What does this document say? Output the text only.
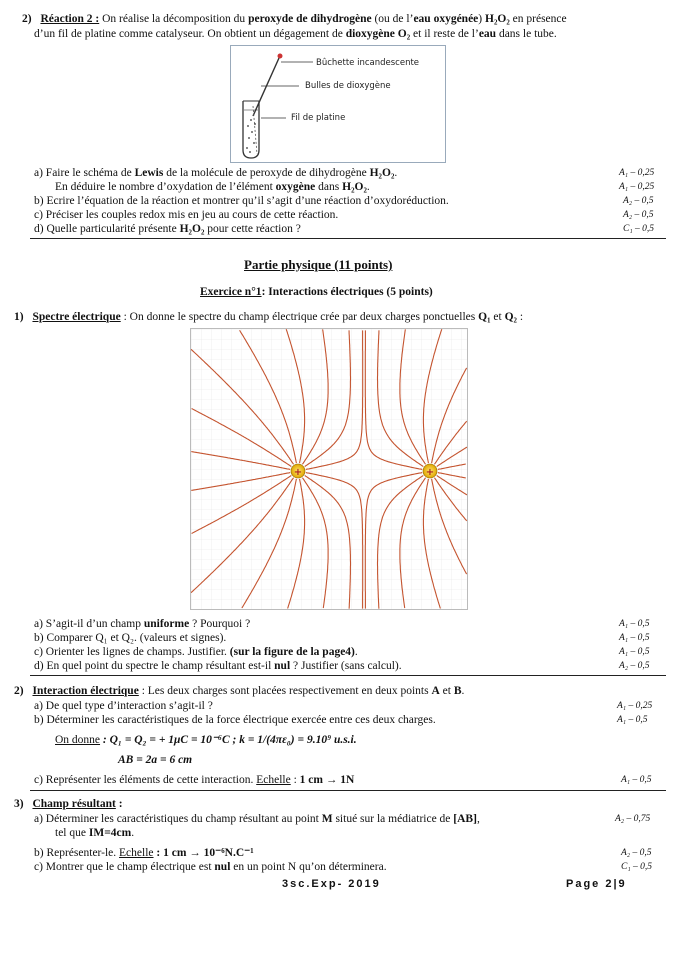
2) Réaction 2 : On réalise la décomposition du peroxyde de dihydrogène (ou de l’eau oxygénée) H₂O₂ en présence
d’un fil de platine comme catalyseur. On obtient un dégagement de dioxygène O₂ et il reste de l’eau dans le tube.
Bûchette incandescente
Bulles de dioxygène
Fil de platine
a) Faire le schéma de Lewis de la molécule de peroxyde de dihydrogène H₂O₂.	A₁ – 0,25
En déduire le nombre d’oxydation de l’élément oxygène dans H₂O₂.	A₁ – 0,25
b) Ecrire l’équation de la réaction et montrer qu’il s’agit d’une réaction d’oxydoréduction.	A₂ – 0,5
c) Préciser les couples redox mis en jeu au cours de cette réaction.	A₂ – 0,5
d) Quelle particularité présente H₂O₂ pour cette réaction ?	C₁ – 0,5
Partie physique (11 points)
Exercice n°1: Interactions électriques (5 points)
1) Spectre électrique : On donne le spectre du champ électrique crée par deux charges ponctuelles Q₁ et Q₂ :
+	+
a) S’agit-il d’un champ uniforme ? Pourquoi ?	A₁ – 0,5
b) Comparer Q₁ et Q₂. (valeurs et signes).	A₁ – 0,5
c) Orienter les lignes de champs. Justifier. (sur la figure de la page4).	A₁ – 0,5
d) En quel point du spectre le champ résultant est-il nul ? Justifier (sans calcul).	A₂ – 0,5
2) Interaction électrique : Les deux charges sont placées respectivement en deux points A et B.
a) De quel type d’interaction s’agit-il ?	A₁ – 0,25
b) Déterminer les caractéristiques de la force électrique exercée entre ces deux charges.	A₁ – 0,5
On donne : Q₁ = Q₂ = + 1μC = 10⁻⁶C ; k = 1/(4πε₀) = 9.10⁹ u.s.i.
AB = 2a = 6 cm
c) Représenter les éléments de cette interaction. Echelle : 1 cm → 1N	A₁ – 0,5
3) Champ résultant :
a) Déterminer les caractéristiques du champ résultant au point M situé sur la médiatrice de [AB],	A₂ – 0,75
tel que IM=4cm.
b) Représenter-le. Echelle : 1 cm → 10⁻⁶N.C⁻¹	A₂ – 0,5
c) Montrer que le champ électrique est nul en un point N qu’on déterminera.	C₁ – 0,5
3sc.Exp- 2019	Page 2|9
